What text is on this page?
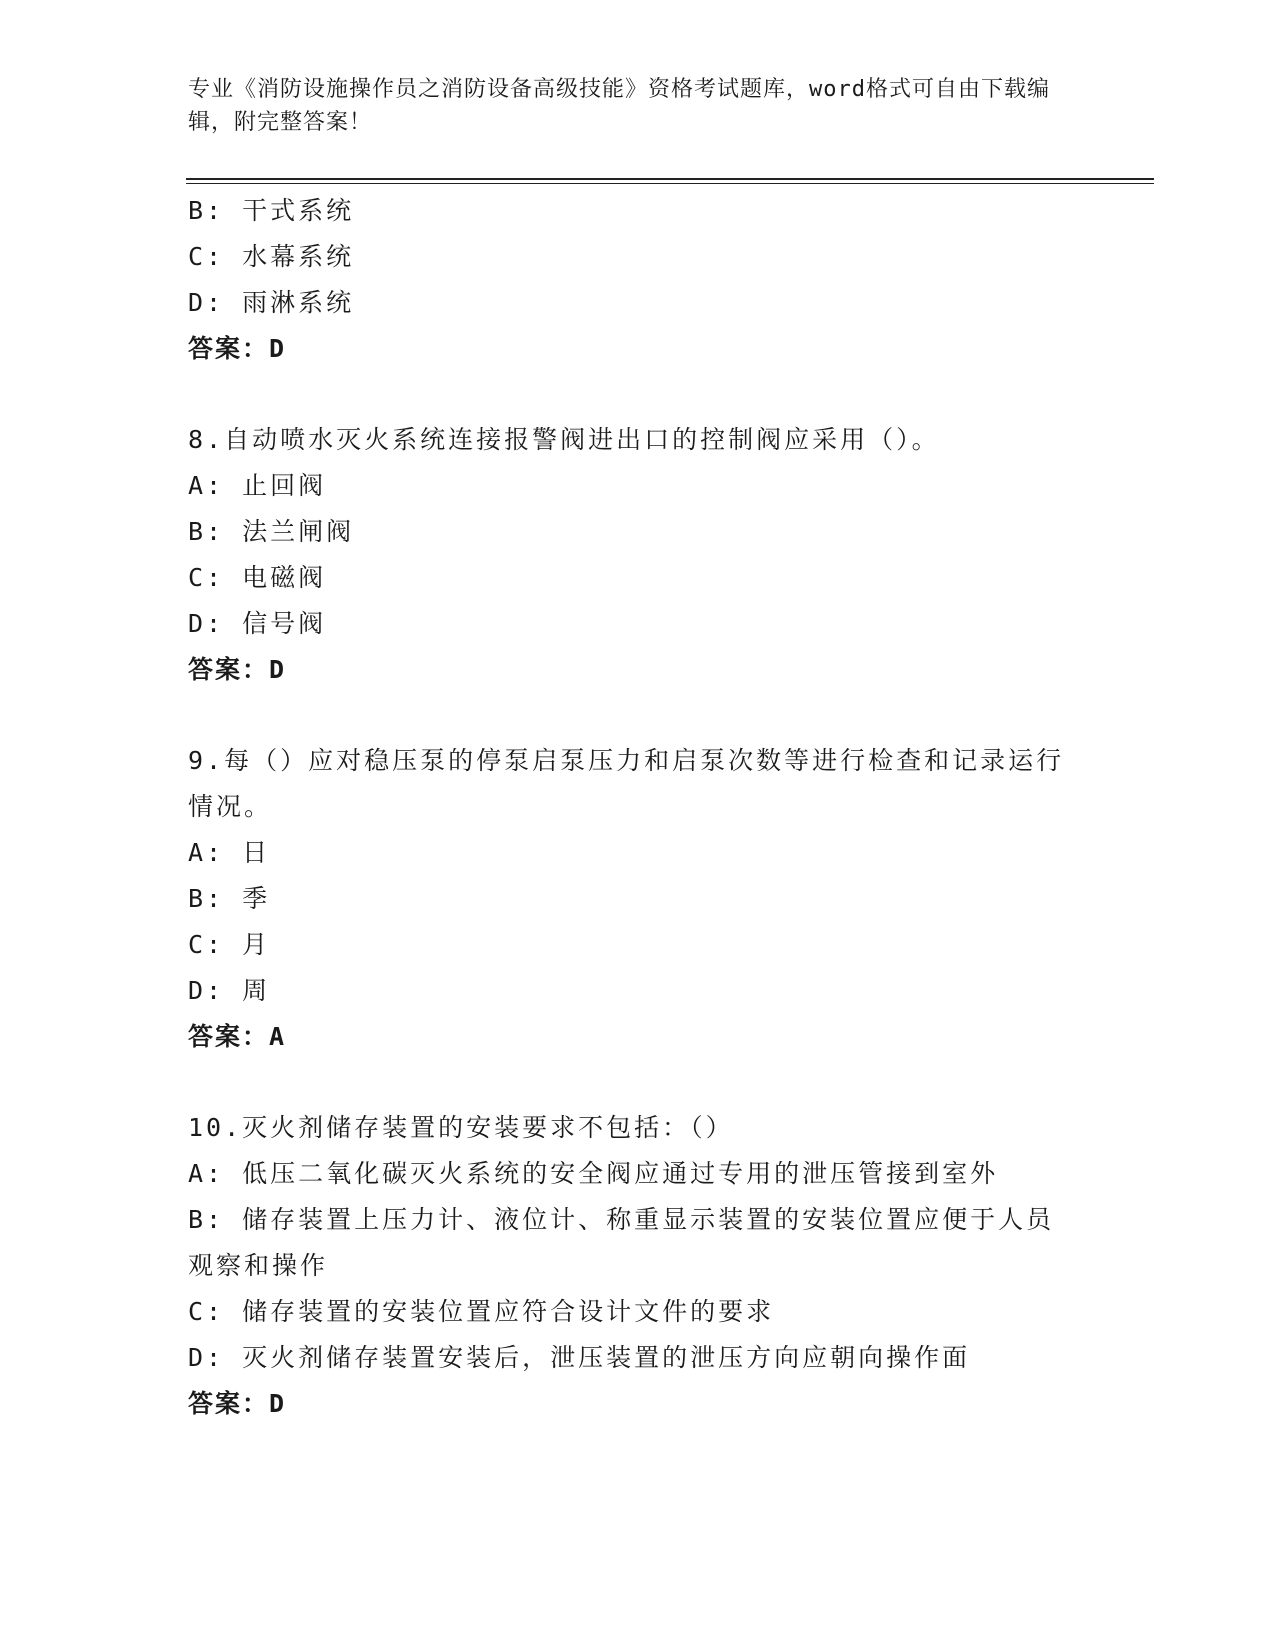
专业《消防设施操作员之消防设备高级技能》资格考试题库，word格式可自由下载编辑，附完整答案！
B: 干式系统
C: 水幕系统
D: 雨淋系统
答案：D
8.自动喷水灭火系统连接报警阀进出口的控制阀应采用（）。
A: 止回阀
B: 法兰闸阀
C: 电磁阀
D: 信号阀
答案：D
9.每（）应对稳压泵的停泵启泵压力和启泵次数等进行检查和记录运行情况。
A: 日
B: 季
C: 月
D: 周
答案：A
10.灭火剂储存装置的安装要求不包括：（）
A: 低压二氧化碳灭火系统的安全阀应通过专用的泄压管接到室外
B: 储存装置上压力计、液位计、称重显示装置的安装位置应便于人员观察和操作
C: 储存装置的安装位置应符合设计文件的要求
D: 灭火剂储存装置安装后，泄压装置的泄压方向应朝向操作面
答案：D
